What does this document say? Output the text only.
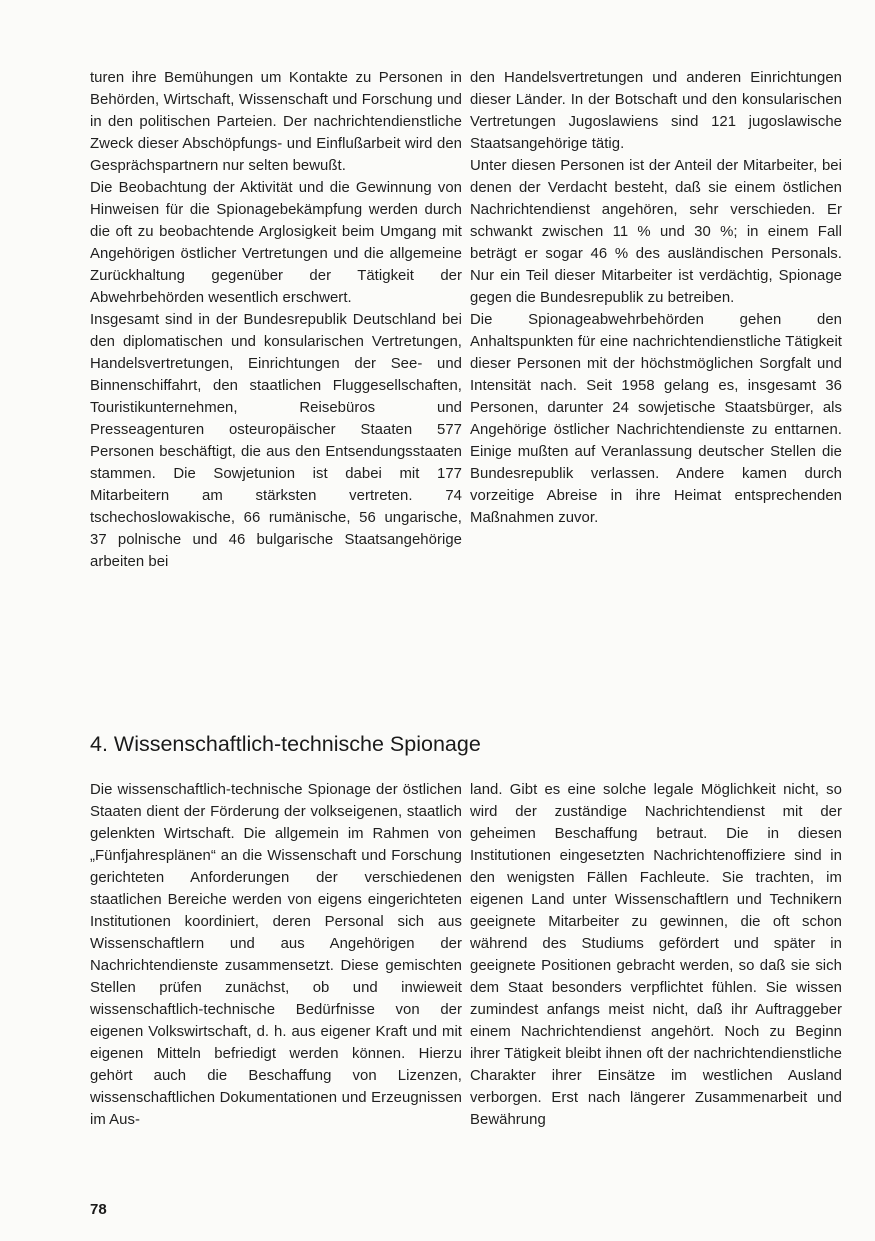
turen ihre Bemühungen um Kontakte zu Personen in Behörden, Wirtschaft, Wissenschaft und Forschung und in den politischen Parteien. Der nachrichtendienstliche Zweck dieser Abschöpfungs- und Einflußarbeit wird den Gesprächspartnern nur selten bewußt.

Die Beobachtung der Aktivität und die Gewinnung von Hinweisen für die Spionagebekämpfung werden durch die oft zu beobachtende Arglosigkeit beim Umgang mit Angehörigen östlicher Vertretungen und die allgemeine Zurückhaltung gegenüber der Tätigkeit der Abwehrbehörden wesentlich erschwert.

Insgesamt sind in der Bundesrepublik Deutschland bei den diplomatischen und konsularischen Vertretungen, Handelsvertretungen, Einrichtungen der See- und Binnenschiffahrt, den staatlichen Fluggesellschaften, Touristikunternehmen, Reisebüros und Presseagenturen osteuropäischer Staaten 577 Personen beschäftigt, die aus den Entsendungsstaaten stammen. Die Sowjetunion ist dabei mit 177 Mitarbeitern am stärksten vertreten. 74 tschechoslowakische, 66 rumänische, 56 ungarische, 37 polnische und 46 bulgarische Staatsangehörige arbeiten bei

den Handelsvertretungen und anderen Einrichtungen dieser Länder. In der Botschaft und den konsularischen Vertretungen Jugoslawiens sind 121 jugoslawische Staatsangehörige tätig.

Unter diesen Personen ist der Anteil der Mitarbeiter, bei denen der Verdacht besteht, daß sie einem östlichen Nachrichtendienst angehören, sehr verschieden. Er schwankt zwischen 11 % und 30 %; in einem Fall beträgt er sogar 46 % des ausländischen Personals. Nur ein Teil dieser Mitarbeiter ist verdächtig, Spionage gegen die Bundesrepublik zu betreiben.

Die Spionageabwehrbehörden gehen den Anhaltspunkten für eine nachrichtendienstliche Tätigkeit dieser Personen mit der höchstmöglichen Sorgfalt und Intensität nach. Seit 1958 gelang es, insgesamt 36 Personen, darunter 24 sowjetische Staatsbürger, als Angehörige östlicher Nachrichtendienste zu enttarnen. Einige mußten auf Veranlassung deutscher Stellen die Bundesrepublik verlassen. Andere kamen durch vorzeitige Abreise in ihre Heimat entsprechenden Maßnahmen zuvor.

4. Wissenschaftlich-technische Spionage

Die wissenschaftlich-technische Spionage der östlichen Staaten dient der Förderung der volkseigenen, staatlich gelenkten Wirtschaft. Die allgemein im Rahmen von „Fünfjahresplänen“ an die Wissenschaft und Forschung gerichteten Anforderungen der verschiedenen staatlichen Bereiche werden von eigens eingerichteten Institutionen koordiniert, deren Personal sich aus Wissenschaftlern und aus Angehörigen der Nachrichtendienste zusammensetzt. Diese gemischten Stellen prüfen zunächst, ob und inwieweit wissenschaftlich-technische Bedürfnisse von der eigenen Volkswirtschaft, d. h. aus eigener Kraft und mit eigenen Mitteln befriedigt werden können. Hierzu gehört auch die Beschaffung von Lizenzen, wissenschaftlichen Dokumentationen und Erzeugnissen im Aus-

land. Gibt es eine solche legale Möglichkeit nicht, so wird der zuständige Nachrichtendienst mit der geheimen Beschaffung betraut. Die in diesen Institutionen eingesetzten Nachrichtenoffiziere sind in den wenigsten Fällen Fachleute. Sie trachten, im eigenen Land unter Wissenschaftlern und Technikern geeignete Mitarbeiter zu gewinnen, die oft schon während des Studiums gefördert und später in geeignete Positionen gebracht werden, so daß sie sich dem Staat besonders verpflichtet fühlen. Sie wissen zumindest anfangs meist nicht, daß ihr Auftraggeber einem Nachrichtendienst angehört. Noch zu Beginn ihrer Tätigkeit bleibt ihnen oft der nachrichtendienstliche Charakter ihrer Einsätze im westlichen Ausland verborgen. Erst nach längerer Zusammenarbeit und Bewährung

78
